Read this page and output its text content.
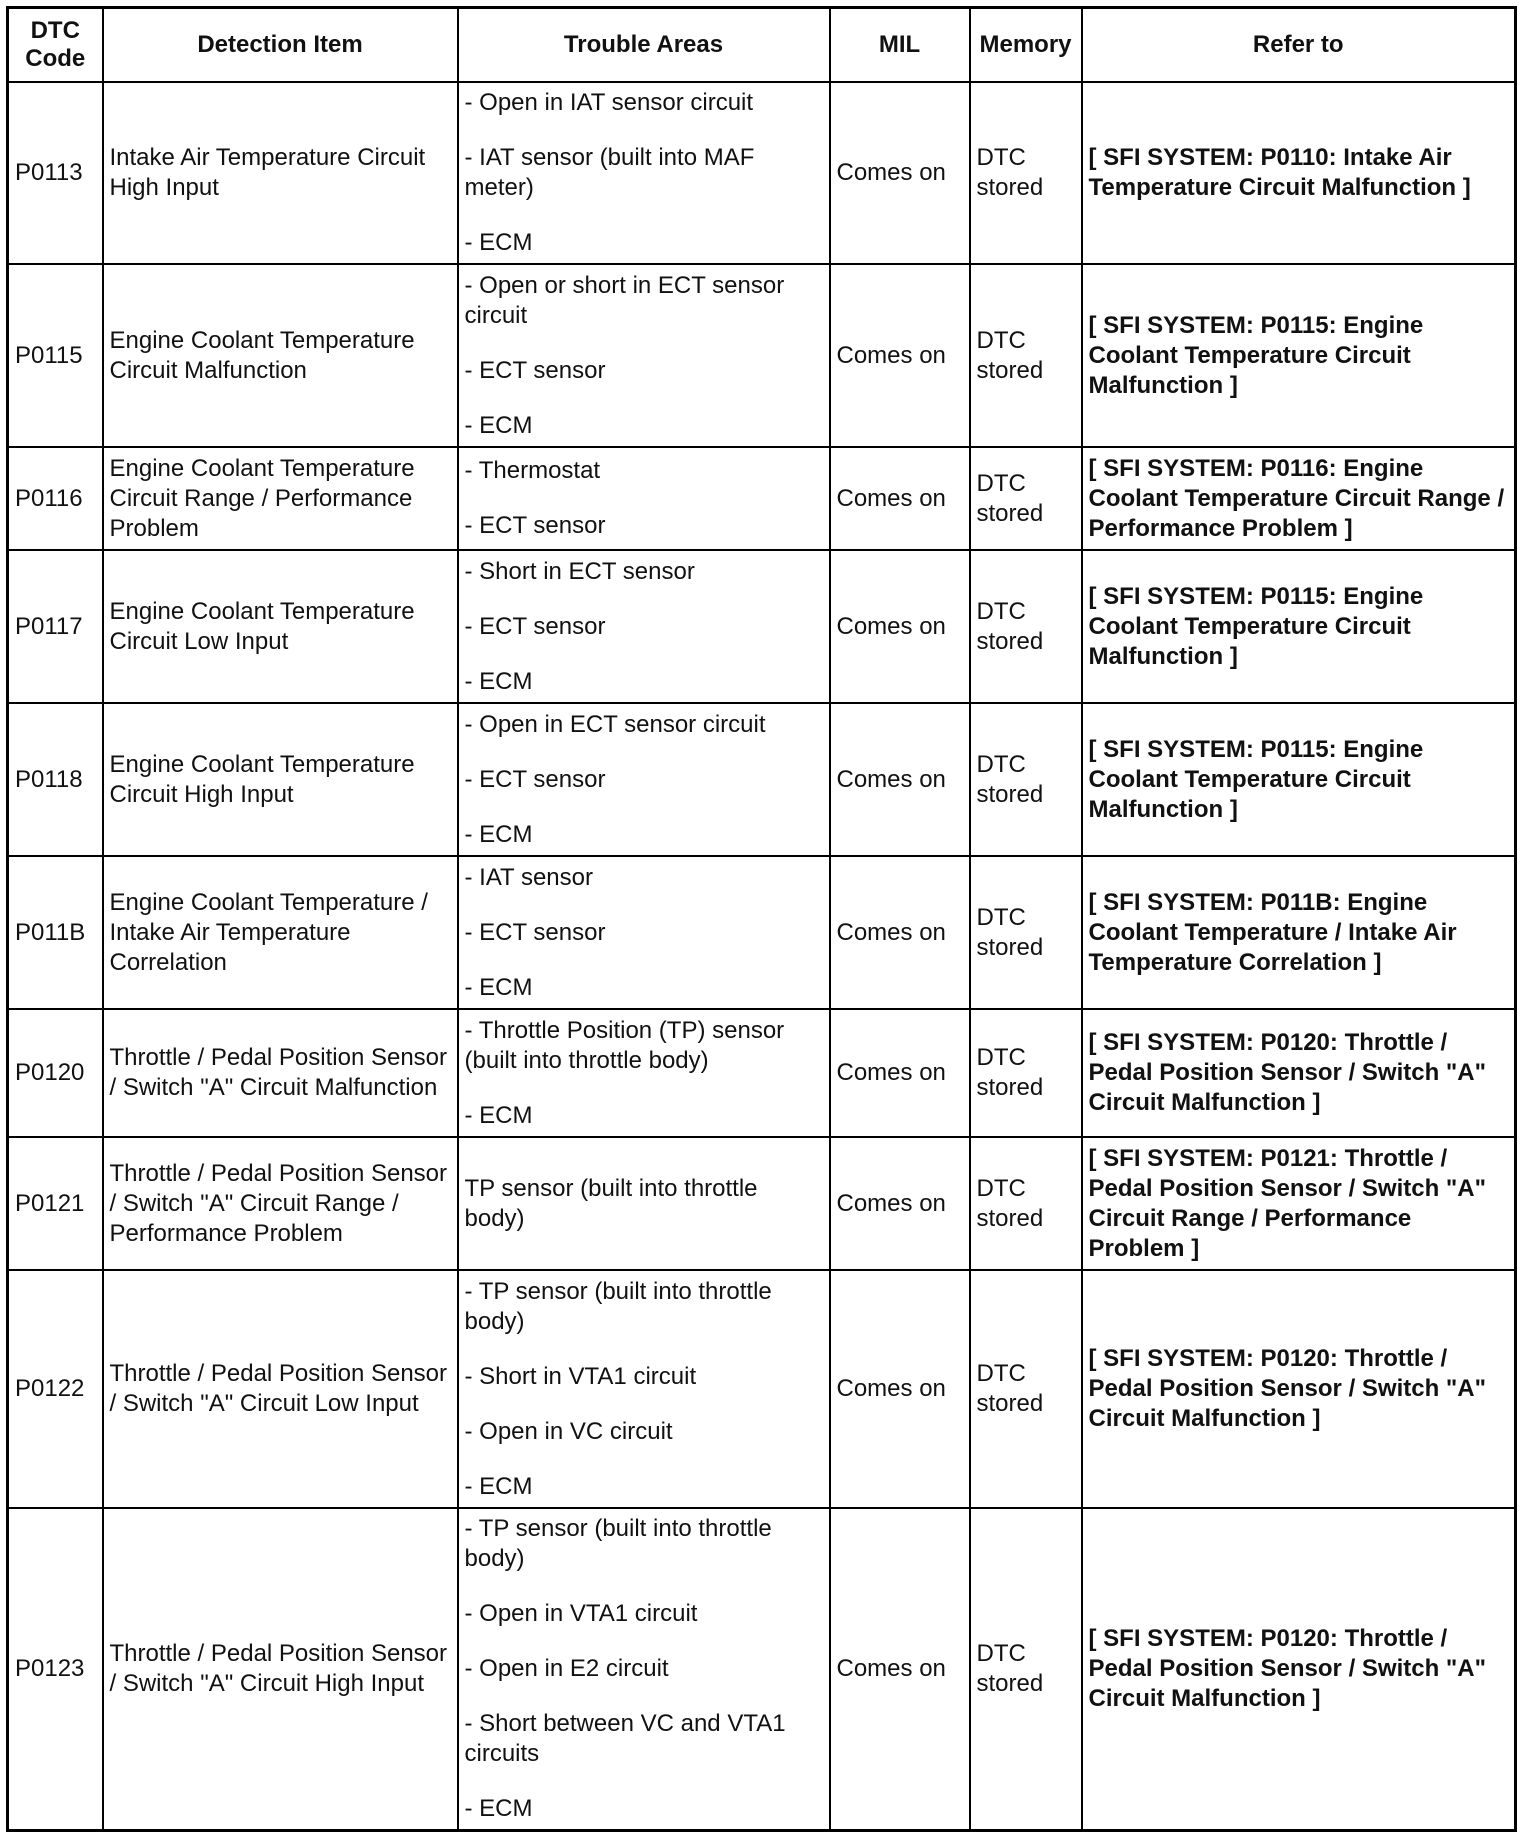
DTC Code	Detection Item	Trouble Areas	MIL	Memory	Refer to
P0113	Intake Air Temperature Circuit High Input	- Open in IAT sensor circuit
- IAT sensor (built into MAF meter)
- ECM	Comes on	DTC stored	[ SFI SYSTEM: P0110: Intake Air Temperature Circuit Malfunction ]
P0115	Engine Coolant Temperature Circuit Malfunction	- Open or short in ECT sensor circuit
- ECT sensor
- ECM	Comes on	DTC stored	[ SFI SYSTEM: P0115: Engine Coolant Temperature Circuit Malfunction ]
P0116	Engine Coolant Temperature Circuit Range / Performance Problem	- Thermostat
- ECT sensor	Comes on	DTC stored	[ SFI SYSTEM: P0116: Engine Coolant Temperature Circuit Range / Performance Problem ]
P0117	Engine Coolant Temperature Circuit Low Input	- Short in ECT sensor
- ECT sensor
- ECM	Comes on	DTC stored	[ SFI SYSTEM: P0115: Engine Coolant Temperature Circuit Malfunction ]
P0118	Engine Coolant Temperature Circuit High Input	- Open in ECT sensor circuit
- ECT sensor
- ECM	Comes on	DTC stored	[ SFI SYSTEM: P0115: Engine Coolant Temperature Circuit Malfunction ]
P011B	Engine Coolant Temperature / Intake Air Temperature Correlation	- IAT sensor
- ECT sensor
- ECM	Comes on	DTC stored	[ SFI SYSTEM: P011B: Engine Coolant Temperature / Intake Air Temperature Correlation ]
P0120	Throttle / Pedal Position Sensor / Switch "A" Circuit Malfunction	- Throttle Position (TP) sensor (built into throttle body)
- ECM	Comes on	DTC stored	[ SFI SYSTEM: P0120: Throttle / Pedal Position Sensor / Switch "A" Circuit Malfunction ]
P0121	Throttle / Pedal Position Sensor / Switch "A" Circuit Range / Performance Problem	TP sensor (built into throttle body)	Comes on	DTC stored	[ SFI SYSTEM: P0121: Throttle / Pedal Position Sensor / Switch "A" Circuit Range / Performance Problem ]
P0122	Throttle / Pedal Position Sensor / Switch "A" Circuit Low Input	- TP sensor (built into throttle body)
- Short in VTA1 circuit
- Open in VC circuit
- ECM	Comes on	DTC stored	[ SFI SYSTEM: P0120: Throttle / Pedal Position Sensor / Switch "A" Circuit Malfunction ]
P0123	Throttle / Pedal Position Sensor / Switch "A" Circuit High Input	- TP sensor (built into throttle body)
- Open in VTA1 circuit
- Open in E2 circuit
- Short between VC and VTA1 circuits
- ECM	Comes on	DTC stored	[ SFI SYSTEM: P0120: Throttle / Pedal Position Sensor / Switch "A" Circuit Malfunction ]
